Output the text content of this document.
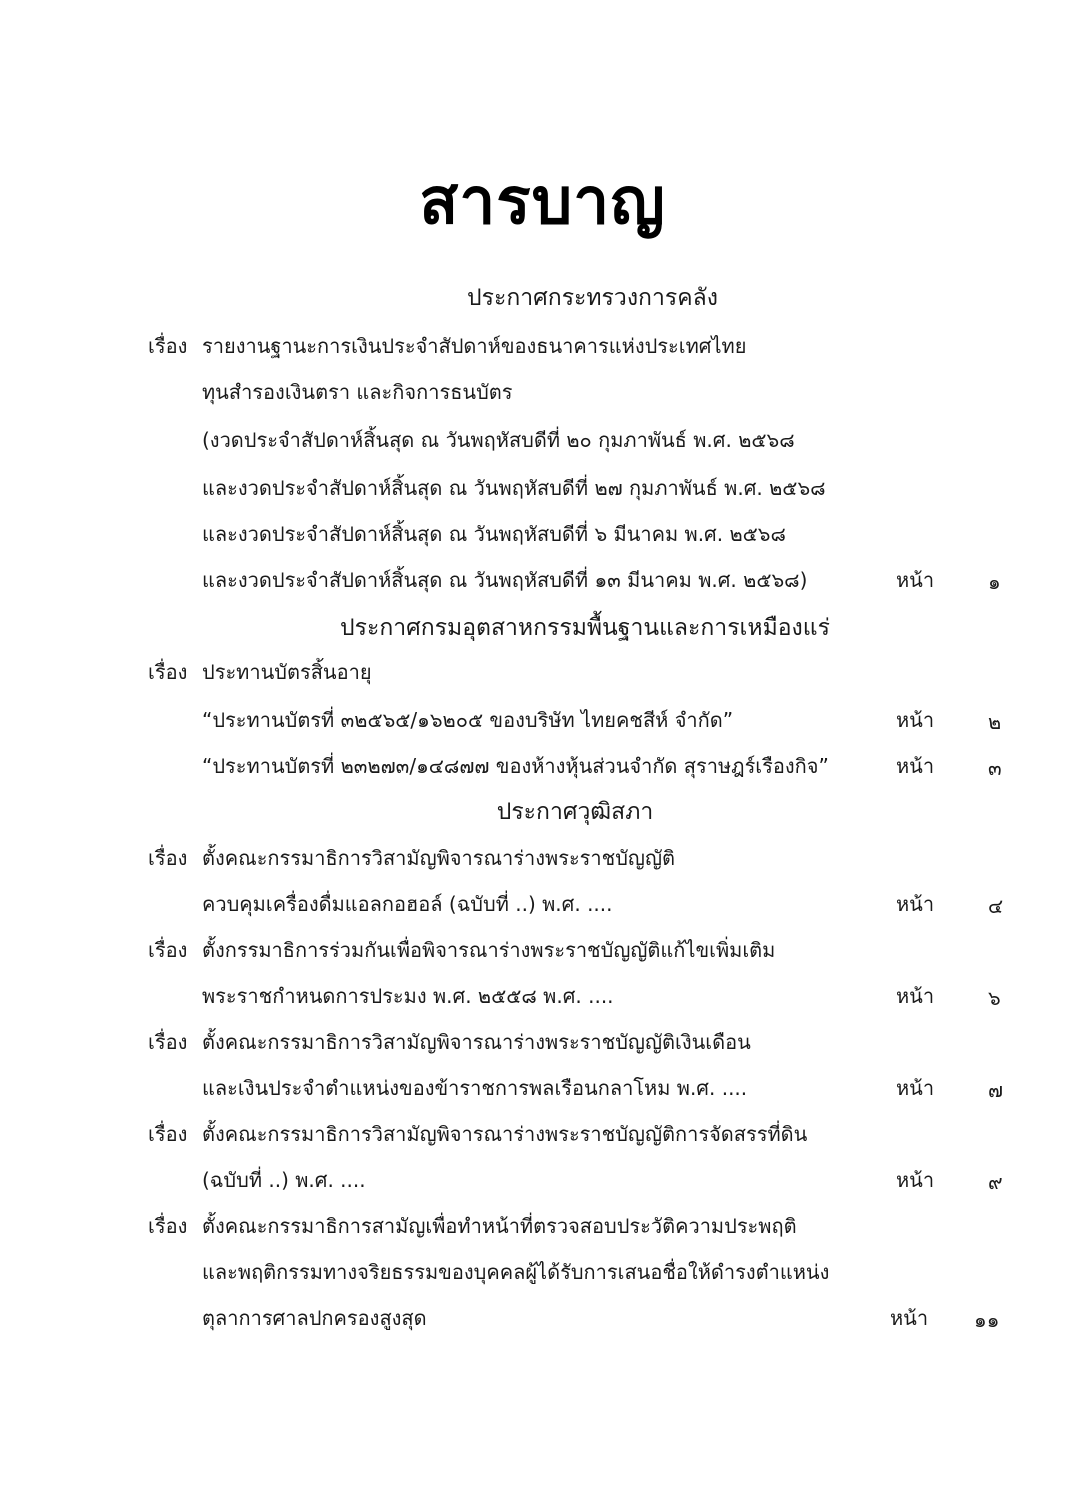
สารบาญ
ประกาศกระทรวงการคลัง
เรื่อง รายงานฐานะการเงินประจำสัปดาห์ของธนาคารแห่งประเทศไทย
ทุนสำรองเงินตรา และกิจการธนบัตร
(งวดประจำสัปดาห์สิ้นสุด ณ วันพฤหัสบดีที่ ๒๐ กุมภาพันธ์ พ.ศ. ๒๕๖๘
และงวดประจำสัปดาห์สิ้นสุด ณ วันพฤหัสบดีที่ ๒๗ กุมภาพันธ์ พ.ศ. ๒๕๖๘
และงวดประจำสัปดาห์สิ้นสุด ณ วันพฤหัสบดีที่ ๖ มีนาคม พ.ศ. ๒๕๖๘
และงวดประจำสัปดาห์สิ้นสุด ณ วันพฤหัสบดีที่ ๑๓ มีนาคม พ.ศ. ๒๕๖๘)	หน้า	๑
ประกาศกรมอุตสาหกรรมพื้นฐานและการเหมืองแร่
เรื่อง ประทานบัตรสิ้นอายุ
“ประทานบัตรที่ ๓๒๕๖๕/๑๖๒๐๕ ของบริษัท ไทยคชสีห์ จำกัด”	หน้า	๒
“ประทานบัตรที่ ๒๓๒๗๓/๑๔๘๗๗ ของห้างหุ้นส่วนจำกัด สุราษฎร์เรืองกิจ”	หน้า	๓
ประกาศวุฒิสภา
เรื่อง ตั้งคณะกรรมาธิการวิสามัญพิจารณาร่างพระราชบัญญัติ
ควบคุมเครื่องดื่มแอลกอฮอล์ (ฉบับที่ ..) พ.ศ. ....	หน้า	๔
เรื่อง ตั้งกรรมาธิการร่วมกันเพื่อพิจารณาร่างพระราชบัญญัติแก้ไขเพิ่มเติม
พระราชกำหนดการประมง พ.ศ. ๒๕๕๘ พ.ศ. ....	หน้า	๖
เรื่อง ตั้งคณะกรรมาธิการวิสามัญพิจารณาร่างพระราชบัญญัติเงินเดือน
และเงินประจำตำแหน่งของข้าราชการพลเรือนกลาโหม พ.ศ. ....	หน้า	๗
เรื่อง ตั้งคณะกรรมาธิการวิสามัญพิจารณาร่างพระราชบัญญัติการจัดสรรที่ดิน
(ฉบับที่ ..) พ.ศ. ....	หน้า	๙
เรื่อง ตั้งคณะกรรมาธิการสามัญเพื่อทำหน้าที่ตรวจสอบประวัติความประพฤติ
และพฤติกรรมทางจริยธรรมของบุคคลผู้ได้รับการเสนอชื่อให้ดำรงตำแหน่ง
ตุลาการศาลปกครองสูงสุด	หน้า ๑๑
